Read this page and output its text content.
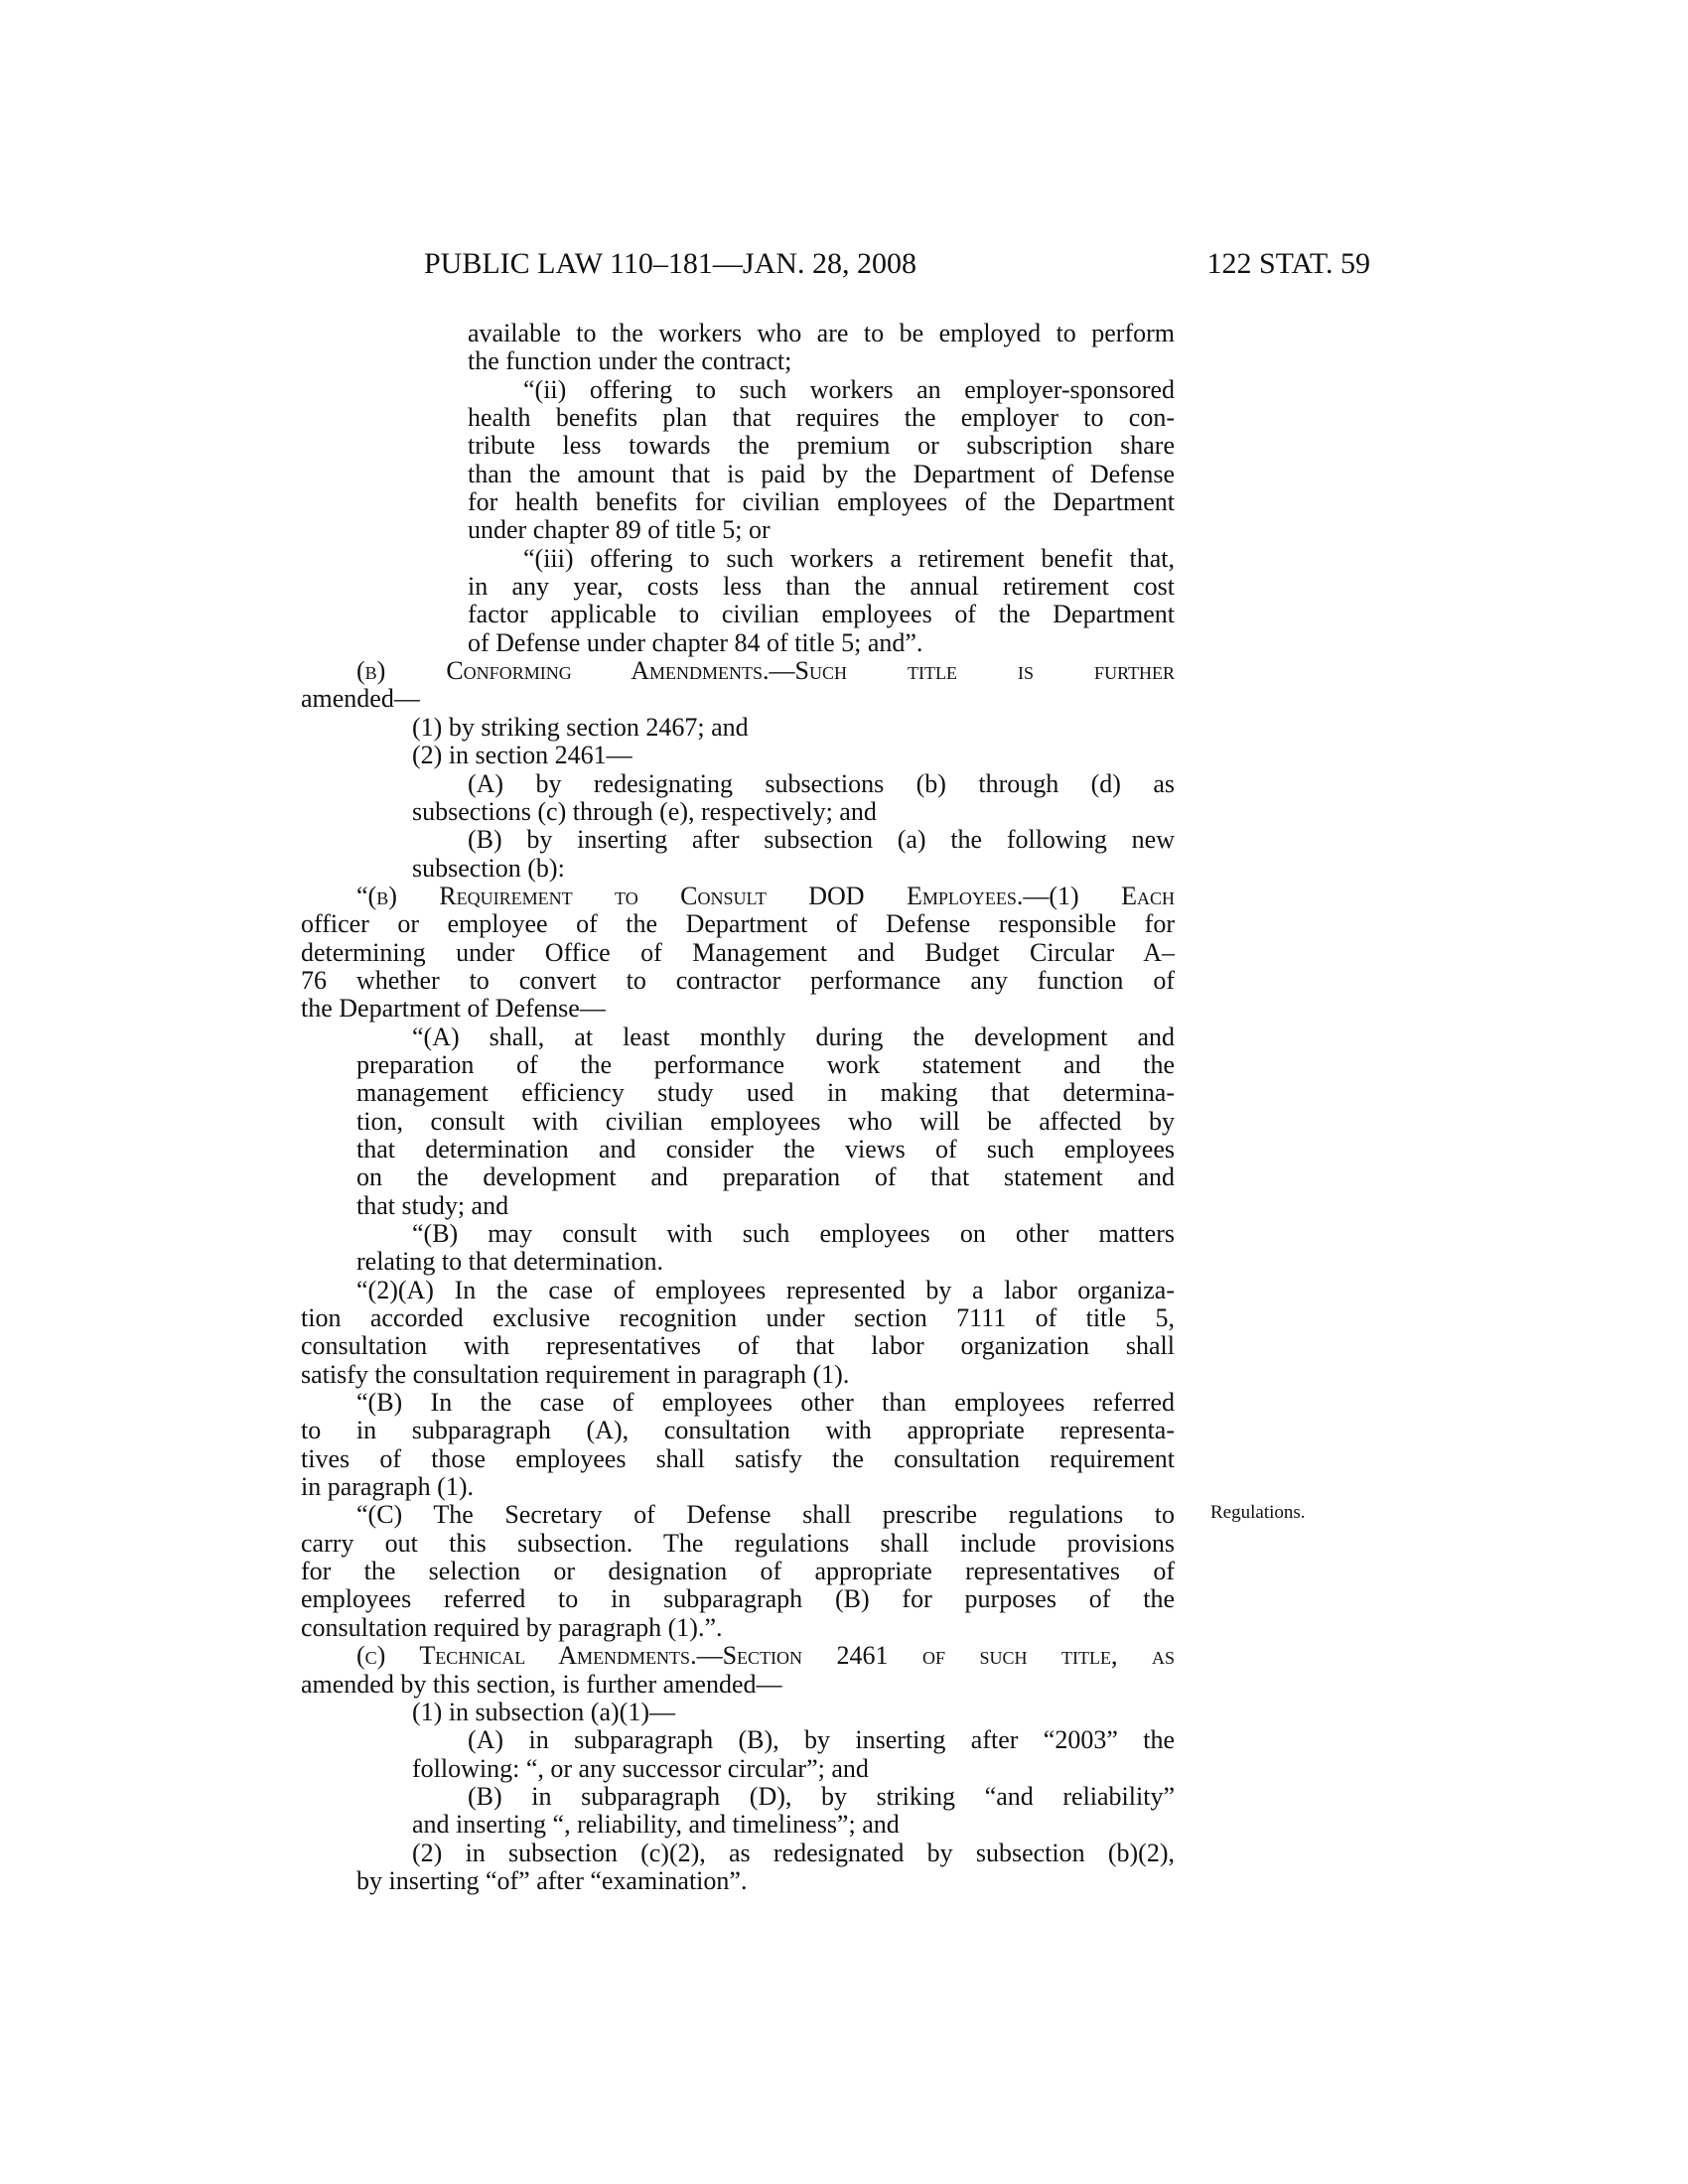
PUBLIC LAW 110–181—JAN. 28, 2008	122 STAT. 59
available to the workers who are to be employed to perform
the function under the contract;
“(ii) offering to such workers an employer-sponsored
health benefits plan that requires the employer to con-
tribute less towards the premium or subscription share
than the amount that is paid by the Department of Defense
for health benefits for civilian employees of the Department
under chapter 89 of title 5; or
“(iii) offering to such workers a retirement benefit that,
in any year, costs less than the annual retirement cost
factor applicable to civilian employees of the Department
of Defense under chapter 84 of title 5; and”.
(b) Conforming Amendments.—Such title is further
amended—
(1) by striking section 2467; and
(2) in section 2461—
(A) by redesignating subsections (b) through (d) as
subsections (c) through (e), respectively; and
(B) by inserting after subsection (a) the following new
subsection (b):
“(b) Requirement to Consult DOD Employees.—(1) Each
officer or employee of the Department of Defense responsible for
determining under Office of Management and Budget Circular A–
76 whether to convert to contractor performance any function of
the Department of Defense—
“(A) shall, at least monthly during the development and
preparation of the performance work statement and the
management efficiency study used in making that determina-
tion, consult with civilian employees who will be affected by
that determination and consider the views of such employees
on the development and preparation of that statement and
that study; and
“(B) may consult with such employees on other matters
relating to that determination.
“(2)(A) In the case of employees represented by a labor organiza-
tion accorded exclusive recognition under section 7111 of title 5,
consultation with representatives of that labor organization shall
satisfy the consultation requirement in paragraph (1).
“(B) In the case of employees other than employees referred
to in subparagraph (A), consultation with appropriate representa-
tives of those employees shall satisfy the consultation requirement
in paragraph (1).
“(C) The Secretary of Defense shall prescribe regulations to
carry out this subsection. The regulations shall include provisions
for the selection or designation of appropriate representatives of
employees referred to in subparagraph (B) for purposes of the
consultation required by paragraph (1).”.
(c) Technical Amendments.—Section 2461 of such title, as
amended by this section, is further amended—
(1) in subsection (a)(1)—
(A) in subparagraph (B), by inserting after “2003” the
following: “, or any successor circular”; and
(B) in subparagraph (D), by striking “and reliability”
and inserting “, reliability, and timeliness”; and
(2) in subsection (c)(2), as redesignated by subsection (b)(2),
by inserting “of” after “examination”.
Regulations.
